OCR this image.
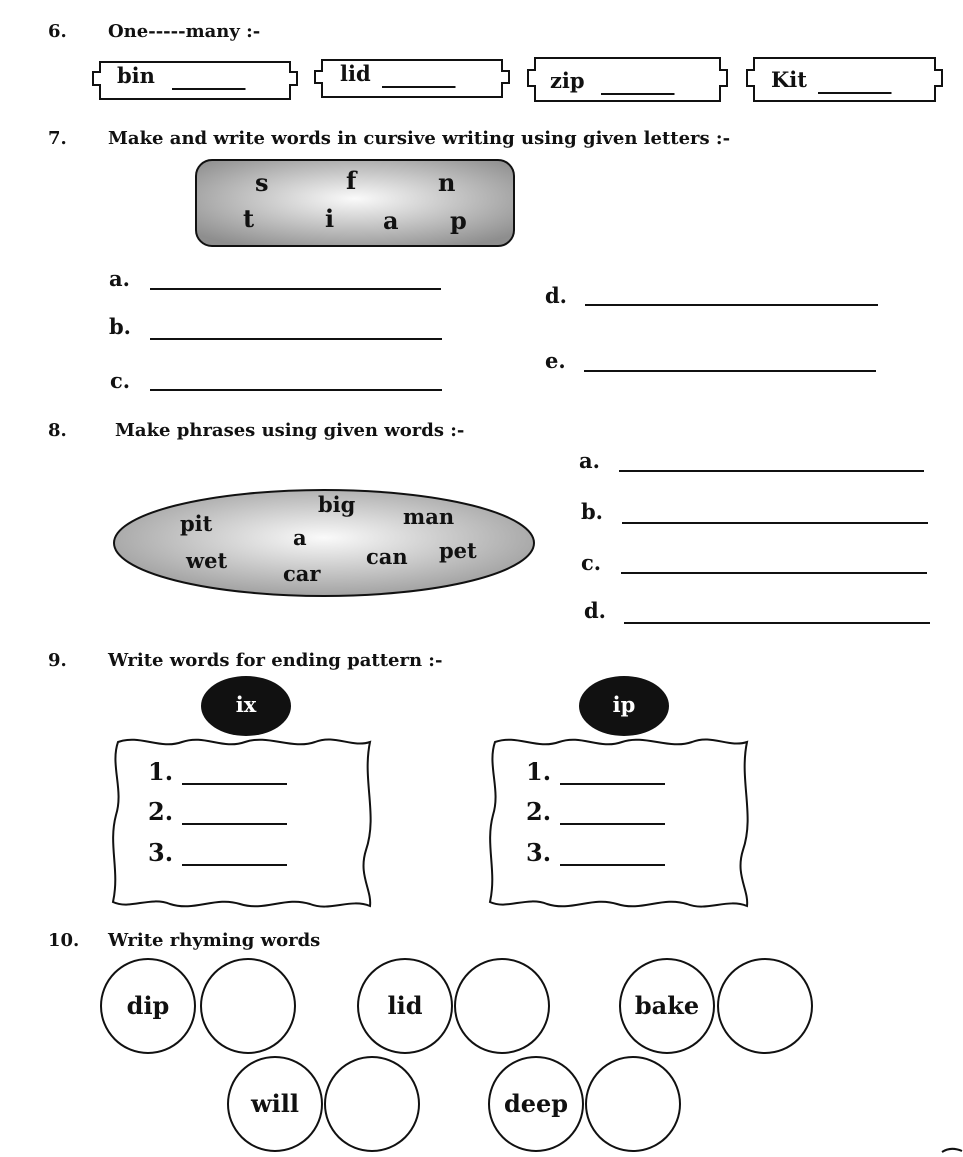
6. One-----many :-
bin _______	lid _______	zip _______	Kit _______
7. Make and write words in cursive writing using given letters :-
s	f	n
t	i a p
a.
b.
c.
d.
e.
8.	Make phrases using given words :-
big
pit	man
a
wet	can pet
car
a.
b.
c.
d.
9. Write words for ending pattern :-
ix	ip
1.
2.
3.
1.
2.
3.
10. Write rhyming words
dip	lid	bake
will	deep
